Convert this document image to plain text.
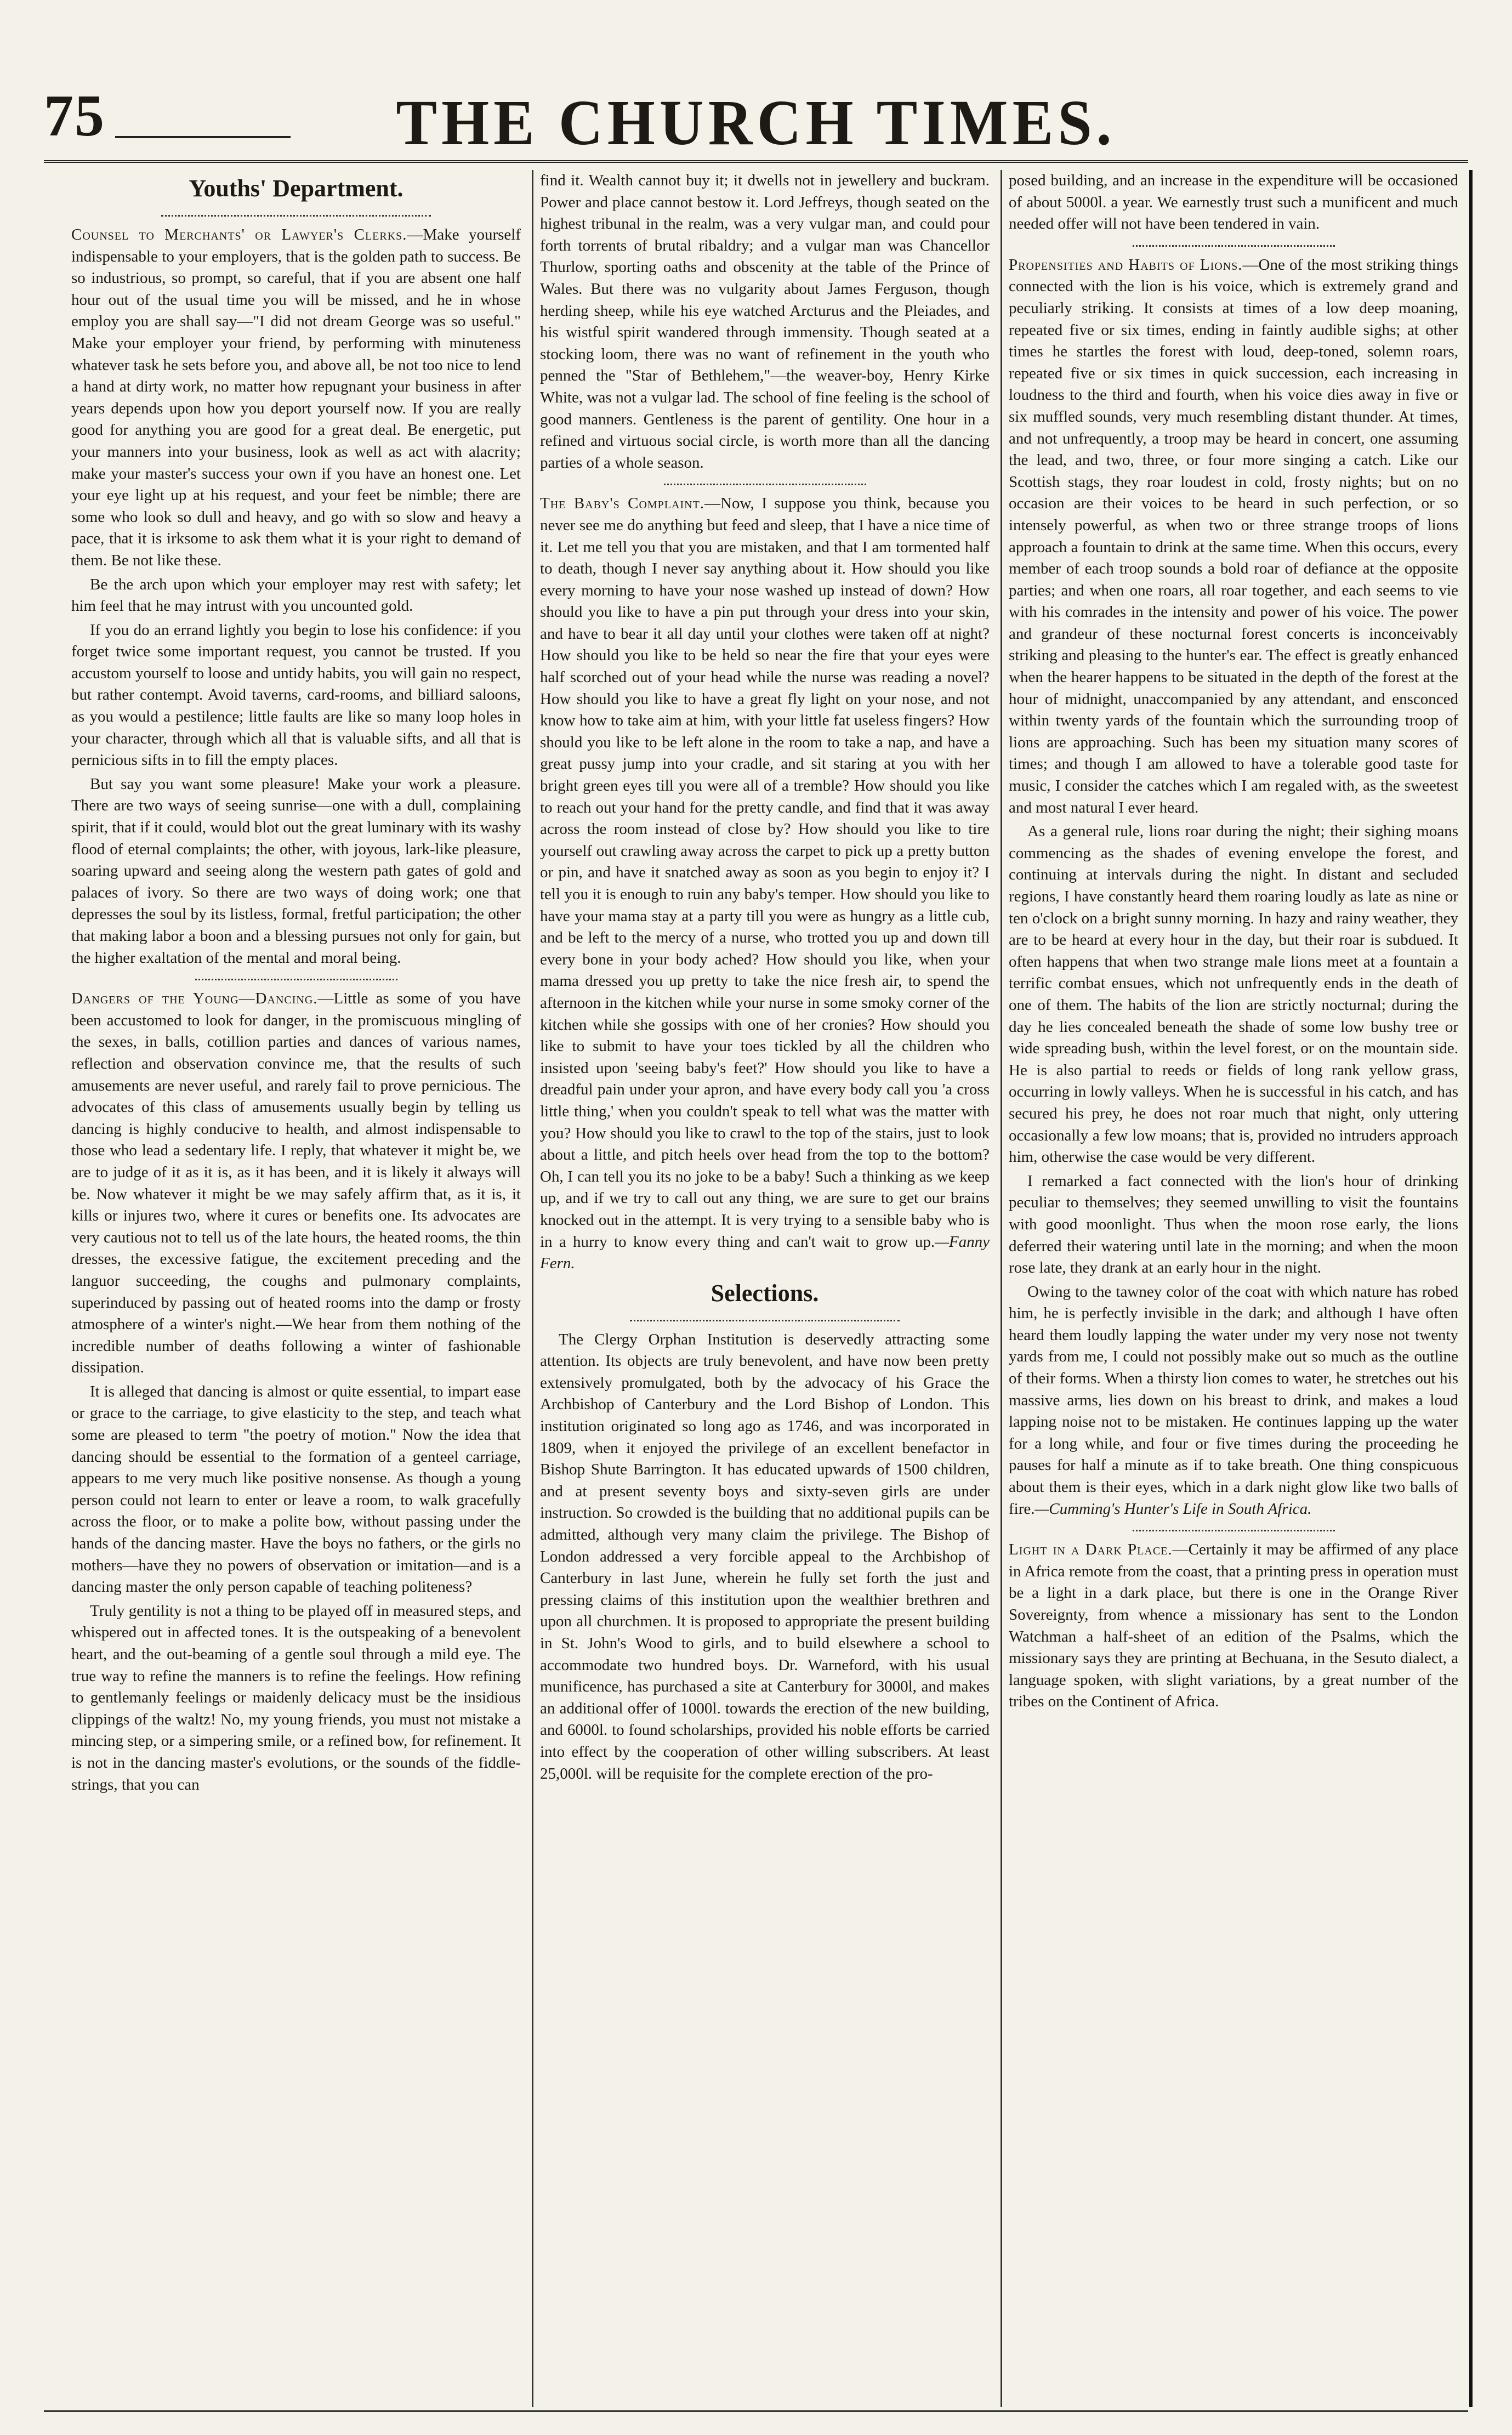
75	THE CHURCH TIMES.
Youths' Department.

Counsel to Merchants' or Lawyer's Clerks.—Make yourself indispensable to your employers, that is the golden path to success. Be so industrious, so prompt, so careful, that if you are absent one half hour out of the usual time you will be missed, and he in whose employ you are shall say—"I did not dream George was so useful." Make your employer your friend, by performing with minuteness whatever task he sets before you, and above all, be not too nice to lend a hand at dirty work, no matter how repugnant your business in after years depends upon how you deport yourself now. If you are really good for anything you are good for a great deal. Be energetic, put your manners into your business, look as well as act with alacrity; make your master's success your own if you have an honest one. Let your eye light up at his request, and your feet be nimble; there are some who look so dull and heavy, and go with so slow and heavy a pace, that it is irksome to ask them what it is your right to demand of them. Be not like these.

Be the arch upon which your employer may rest with safety; let him feel that he may intrust with you uncounted gold.

If you do an errand lightly you begin to lose his confidence: if you forget twice some important request, you cannot be trusted. If you accustom yourself to loose and untidy habits, you will gain no respect, but rather contempt. Avoid taverns, card-rooms, and billiard saloons, as you would a pestilence; little faults are like so many loop holes in your character, through which all that is valuable sifts, and all that is pernicious sifts in to fill the empty places.

But say you want some pleasure! Make your work a pleasure. There are two ways of seeing sunrise—one with a dull, complaining spirit, that if it could, would blot out the great luminary with its washy flood of eternal complaints; the other, with joyous, lark-like pleasure, soaring upward and seeing along the western path gates of gold and palaces of ivory. So there are two ways of doing work; one that depresses the soul by its listless, formal, fretful participation; the other that making labor a boon and a blessing pursues not only for gain, but the higher exaltation of the mental and moral being.

Dangers of the Young—Dancing.—Little as some of you have been accustomed to look for danger, in the promiscuous mingling of the sexes, in balls, cotillion parties and dances of various names, reflection and observation convince me, that the results of such amusements are never useful, and rarely fail to prove pernicious. The advocates of this class of amusements usually begin by telling us dancing is highly conducive to health, and almost indispensable to those who lead a sedentary life. I reply, that whatever it might be, we are to judge of it as it is, as it has been, and it is likely it always will be. Now whatever it might be we may safely affirm that, as it is, it kills or injures two, where it cures or benefits one. Its advocates are very cautious not to tell us of the late hours, the heated rooms, the thin dresses, the excessive fatigue, the excitement preceding and the languor succeeding, the coughs and pulmonary complaints, superinduced by passing out of heated rooms into the damp or frosty atmosphere of a winter's night.—We hear from them nothing of the incredible number of deaths following a winter of fashionable dissipation.

It is alleged that dancing is almost or quite essential, to impart ease or grace to the carriage, to give elasticity to the step, and teach what some are pleased to term "the poetry of motion." Now the idea that dancing should be essential to the formation of a genteel carriage, appears to me very much like positive nonsense. As though a young person could not learn to enter or leave a room, to walk gracefully across the floor, or to make a polite bow, without passing under the hands of the dancing master. Have the boys no fathers, or the girls no mothers—have they no powers of observation or imitation—and is a dancing master the only person capable of teaching politeness?

Truly gentility is not a thing to be played off in measured steps, and whispered out in affected tones. It is the outspeaking of a benevolent heart, and the out-beaming of a gentle soul through a mild eye. The true way to refine the manners is to refine the feelings. How refining to gentlemanly feelings or maidenly delicacy must be the insidious clippings of the waltz! No, my young friends, you must not mistake a mincing step, or a simpering smile, or a refined bow, for refinement. It is not in the dancing master's evolutions, or the sounds of the fiddle-strings, that you can

find it. Wealth cannot buy it; it dwells not in jewellery and buckram. Power and place cannot bestow it. Lord Jeffreys, though seated on the highest tribunal in the realm, was a very vulgar man, and could pour forth torrents of brutal ribaldry; and a vulgar man was Chancellor Thurlow, sporting oaths and obscenity at the table of the Prince of Wales. But there was no vulgarity about James Ferguson, though herding sheep, while his eye watched Arcturus and the Pleiades, and his wistful spirit wandered through immensity. Though seated at a stocking loom, there was no want of refinement in the youth who penned the "Star of Bethlehem,"—the weaver-boy, Henry Kirke White, was not a vulgar lad. The school of fine feeling is the school of good manners. Gentleness is the parent of gentility. One hour in a refined and virtuous social circle, is worth more than all the dancing parties of a whole season.

The Baby's Complaint.—Now, I suppose you think, because you never see me do anything but feed and sleep, that I have a nice time of it. Let me tell you that you are mistaken, and that I am tormented half to death, though I never say anything about it. How should you like every morning to have your nose washed up instead of down? How should you like to have a pin put through your dress into your skin, and have to bear it all day until your clothes were taken off at night? How should you like to be held so near the fire that your eyes were half scorched out of your head while the nurse was reading a novel? How should you like to have a great fly light on your nose, and not know how to take aim at him, with your little fat useless fingers? How should you like to be left alone in the room to take a nap, and have a great pussy jump into your cradle, and sit staring at you with her bright green eyes till you were all of a tremble? How should you like to reach out your hand for the pretty candle, and find that it was away across the room instead of close by? How should you like to tire yourself out crawling away across the carpet to pick up a pretty button or pin, and have it snatched away as soon as you begin to enjoy it? I tell you it is enough to ruin any baby's temper. How should you like to have your mama stay at a party till you were as hungry as a little cub, and be left to the mercy of a nurse, who trotted you up and down till every bone in your body ached? How should you like, when your mama dressed you up pretty to take the nice fresh air, to spend the afternoon in the kitchen while your nurse in some smoky corner of the kitchen while she gossips with one of her cronies? How should you like to submit to have your toes tickled by all the children who insisted upon 'seeing baby's feet?' How should you like to have a dreadful pain under your apron, and have every body call you 'a cross little thing,' when you couldn't speak to tell what was the matter with you? How should you like to crawl to the top of the stairs, just to look about a little, and pitch heels over head from the top to the bottom? Oh, I can tell you its no joke to be a baby! Such a thinking as we keep up, and if we try to call out any thing, we are sure to get our brains knocked out in the attempt. It is very trying to a sensible baby who is in a hurry to know every thing and can't wait to grow up.—Fanny Fern.

Selections.

The Clergy Orphan Institution is deservedly attracting some attention. Its objects are truly benevolent, and have now been pretty extensively promulgated, both by the advocacy of his Grace the Archbishop of Canterbury and the Lord Bishop of London. This institution originated so long ago as 1746, and was incorporated in 1809, when it enjoyed the privilege of an excellent benefactor in Bishop Shute Barrington. It has educated upwards of 1500 children, and at present seventy boys and sixty-seven girls are under instruction. So crowded is the building that no additional pupils can be admitted, although very many claim the privilege. The Bishop of London addressed a very forcible appeal to the Archbishop of Canterbury in last June, wherein he fully set forth the just and pressing claims of this institution upon the wealthier brethren and upon all churchmen. It is proposed to appropriate the present building in St. John's Wood to girls, and to build elsewhere a school to accommodate two hundred boys. Dr. Warneford, with his usual munificence, has purchased a site at Canterbury for 3000l, and makes an additional offer of 1000l. towards the erection of the new building, and 6000l. to found scholarships, provided his noble efforts be carried into effect by the cooperation of other willing subscribers. At least 25,000l. will be requisite for the complete erection of the pro-

posed building, and an increase in the expenditure will be occasioned of about 5000l. a year. We earnestly trust such a munificent and much needed offer will not have been tendered in vain.

Propensities and Habits of Lions.—One of the most striking things connected with the lion is his voice, which is extremely grand and peculiarly striking. It consists at times of a low deep moaning, repeated five or six times, ending in faintly audible sighs; at other times he startles the forest with loud, deep-toned, solemn roars, repeated five or six times in quick succession, each increasing in loudness to the third and fourth, when his voice dies away in five or six muffled sounds, very much resembling distant thunder. At times, and not unfrequently, a troop may be heard in concert, one assuming the lead, and two, three, or four more singing a catch. Like our Scottish stags, they roar loudest in cold, frosty nights; but on no occasion are their voices to be heard in such perfection, or so intensely powerful, as when two or three strange troops of lions approach a fountain to drink at the same time. When this occurs, every member of each troop sounds a bold roar of defiance at the opposite parties; and when one roars, all roar together, and each seems to vie with his comrades in the intensity and power of his voice. The power and grandeur of these nocturnal forest concerts is inconceivably striking and pleasing to the hunter's ear. The effect is greatly enhanced when the hearer happens to be situated in the depth of the forest at the hour of midnight, unaccompanied by any attendant, and ensconced within twenty yards of the fountain which the surrounding troop of lions are approaching. Such has been my situation many scores of times; and though I am allowed to have a tolerable good taste for music, I consider the catches which I am regaled with, as the sweetest and most natural I ever heard.

As a general rule, lions roar during the night; their sighing moans commencing as the shades of evening envelope the forest, and continuing at intervals during the night. In distant and secluded regions, I have constantly heard them roaring loudly as late as nine or ten o'clock on a bright sunny morning. In hazy and rainy weather, they are to be heard at every hour in the day, but their roar is subdued. It often happens that when two strange male lions meet at a fountain a terrific combat ensues, which not unfrequently ends in the death of one of them. The habits of the lion are strictly nocturnal; during the day he lies concealed beneath the shade of some low bushy tree or wide spreading bush, within the level forest, or on the mountain side. He is also partial to reeds or fields of long rank yellow grass, occurring in lowly valleys. When he is successful in his catch, and has secured his prey, he does not roar much that night, only uttering occasionally a few low moans; that is, provided no intruders approach him, otherwise the case would be very different.

I remarked a fact connected with the lion's hour of drinking peculiar to themselves; they seemed unwilling to visit the fountains with good moonlight. Thus when the moon rose early, the lions deferred their watering until late in the morning; and when the moon rose late, they drank at an early hour in the night.

Owing to the tawney color of the coat with which nature has robed him, he is perfectly invisible in the dark; and although I have often heard them loudly lapping the water under my very nose not twenty yards from me, I could not possibly make out so much as the outline of their forms. When a thirsty lion comes to water, he stretches out his massive arms, lies down on his breast to drink, and makes a loud lapping noise not to be mistaken. He continues lapping up the water for a long while, and four or five times during the proceeding he pauses for half a minute as if to take breath. One thing conspicuous about them is their eyes, which in a dark night glow like two balls of fire.—Cumming's Hunter's Life in South Africa.

Light in a Dark Place.—Certainly it may be affirmed of any place in Africa remote from the coast, that a printing press in operation must be a light in a dark place, but there is one in the Orange River Sovereignty, from whence a missionary has sent to the London Watchman a half-sheet of an edition of the Psalms, which the missionary says they are printing at Bechuana, in the Sesuto dialect, a language spoken, with slight variations, by a great number of the tribes on the Continent of Africa.
